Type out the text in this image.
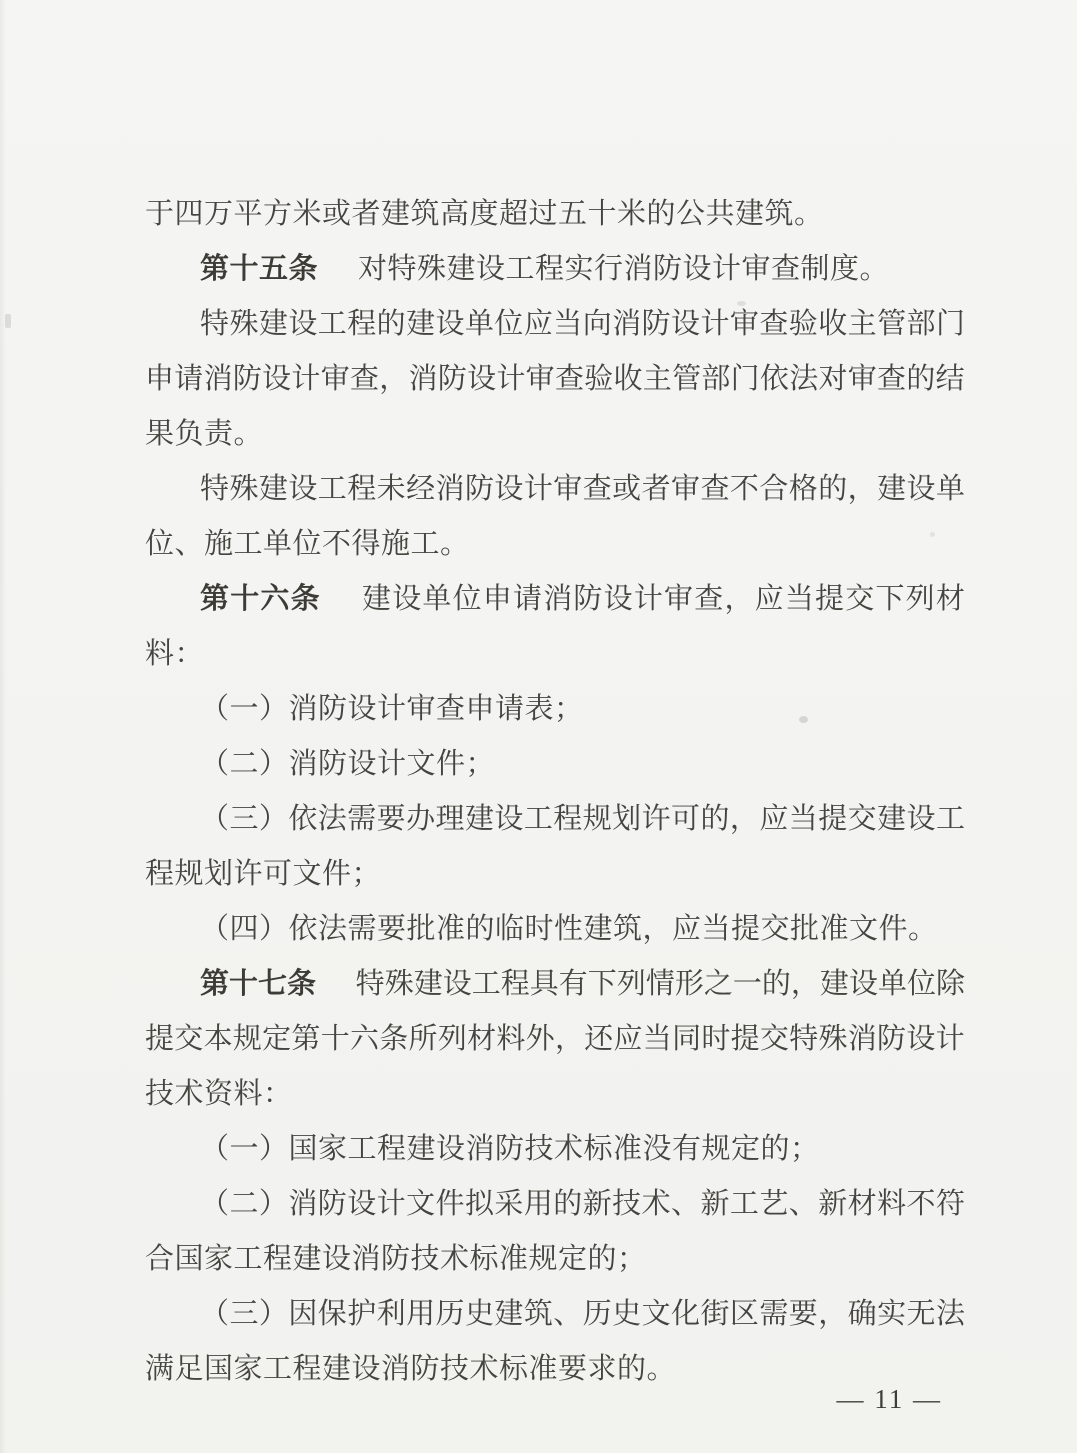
于四万平方米或者建筑高度超过五十米的公共建筑。
第十五条 对特殊建设工程实行消防设计审查制度。
特 殊 建 设 工 程 的 建 设 单 位 应 当 向 消 防 设 计 审 查 验 收 主 管 部 门
申 请 消 防 设 计 审 查 ， 消 防 设 计 审 查 验 收 主 管 部 门 依 法 对 审 查 的 结
果负责。
特 殊 建 设 工 程 未 经 消 防 设 计 审 查 或 者 审 查 不 合 格 的 ， 建 设 单
位、施工单位不得施工。
第 十 六 条 建 设 单 位 申 请 消 防 设 计 审 查 ， 应 当 提 交 下 列 材
料：
（一）消防设计审查申请表；
（二）消防设计文件；
（ 三 ） 依 法 需 要 办 理 建 设 工 程 规 划 许 可 的 ， 应 当 提 交 建 设 工
程规划许可文件；
（四）依法需要批准的临时性建筑，应当提交批准文件。
第 十 七 条 特 殊 建 设 工 程 具 有 下 列 情 形 之 一 的 ， 建 设 单 位 除
提 交 本 规 定 第 十 六 条 所 列 材 料 外 ， 还 应 当 同 时 提 交 特 殊 消 防 设 计
技术资料：
（一）国家工程建设消防技术标准没有规定的；
（ 二 ） 消 防 设 计 文 件 拟 采 用 的 新 技 术 、 新 工 艺 、 新 材 料 不 符
合国家工程建设消防技术标准规定的；
（ 三 ） 因 保 护 利 用 历 史 建 筑 、 历 史 文 化 街 区 需 要 ， 确 实 无 法
满足国家工程建设消防技术标准要求的。
— 11 —
